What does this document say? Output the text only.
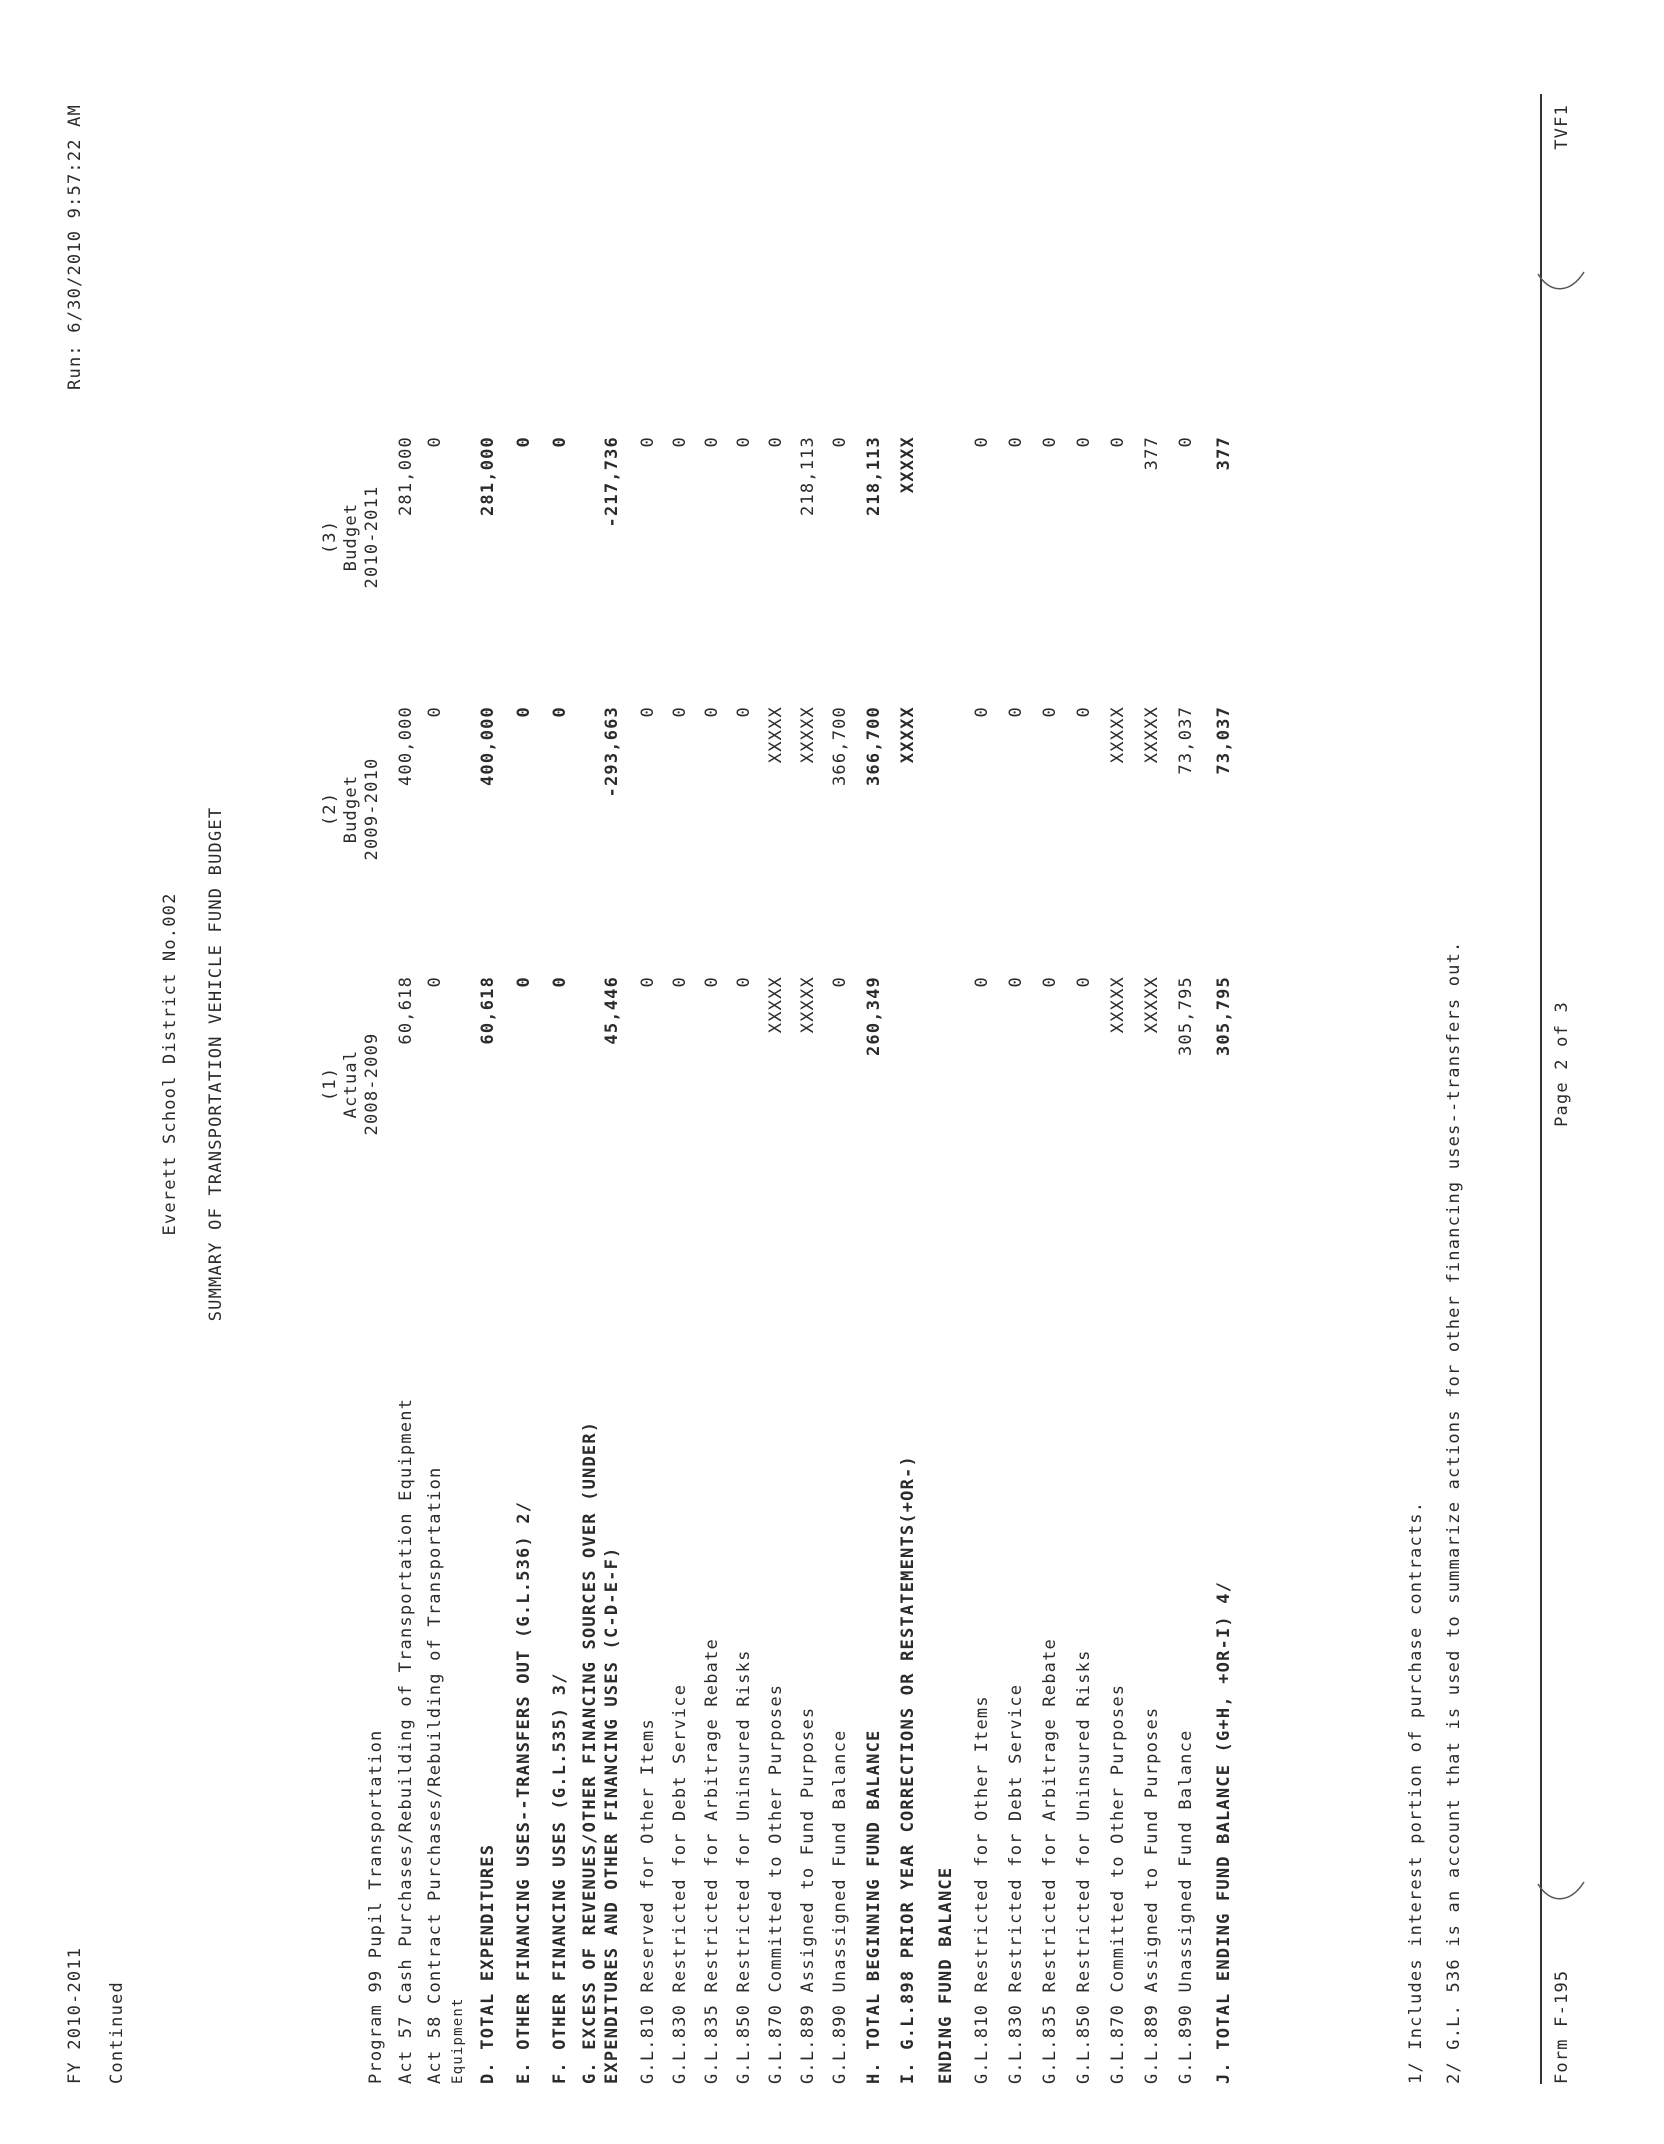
FY 2010-2011
Run: 6/30/2010 9:57:22 AM
Continued
Everett School District No.002 SUMMARY OF TRANSPORTATION VEHICLE FUND BUDGET	(1) Actual 2008-2009
(2) Budget 2009-2010
(3) Budget 2010-2011
Program 99 Pupil Transportation Act 57 Cash Purchases/Rebuilding of Transportation Equipment
60,618
400,000
281,000
Act 58 Contract Purchases/Rebuilding of Transportation
0
0
0
Equipment D. TOTAL EXPENDITURES
60,618
400,000
281,000
E. OTHER FINANCING USES--TRANSFERS OUT (G.L.536) 2/
0
0
0
F. OTHER FINANCING USES (G.L.535) 3/
0
0
0
G. EXCESS OF REVENUES/OTHER FINANCING SOURCES OVER (UNDER) EXPENDITURES AND OTHER FINANCING USES (C-D-E-F)
45,446
-293,663
-217,736
G.L.810 Reserved for Other Items
0
0
0
G.L.830 Restricted for Debt Service
0
0
0
G.L.835 Restricted for Arbitrage Rebate
0
0
0
G.L.850 Restricted for Uninsured Risks
0
0
0
G.L.870 Committed to Other Purposes
XXXXX
XXXXX
0
G.L.889 Assigned to Fund Purposes
XXXXX
XXXXX
218,113
G.L.890 Unassigned Fund Balance
0
366,700
0
H. TOTAL BEGINNING FUND BALANCE
260,349
366,700
218,113
I. G.L.898 PRIOR YEAR CORRECTIONS OR RESTATEMENTS(+OR-)
XXXXX
XXXXX
ENDING FUND BALANCE G.L.810 Restricted for Other Items
0
0
0
G.L.830 Restricted for Debt Service
0
0
0
G.L.835 Restricted for Arbitrage Rebate
0
0
0
G.L.850 Restricted for Uninsured Risks
0
0
0
G.L.870 Committed to Other Purposes
XXXXX
XXXXX
0
G.L.889 Assigned to Fund Purposes
XXXXX
XXXXX
377
G.L.890 Unassigned Fund Balance
305,795
73,037
0
J. TOTAL ENDING FUND BALANCE (G+H, +OR-I) 4/
305,795
73,037
377
1/ Includes interest portion of purchase contracts. 2/ G.L. 536 is an account that is used to summarize actions for other financing uses--transfers out.	Form F-195
Page 2 of 3
TVF1
